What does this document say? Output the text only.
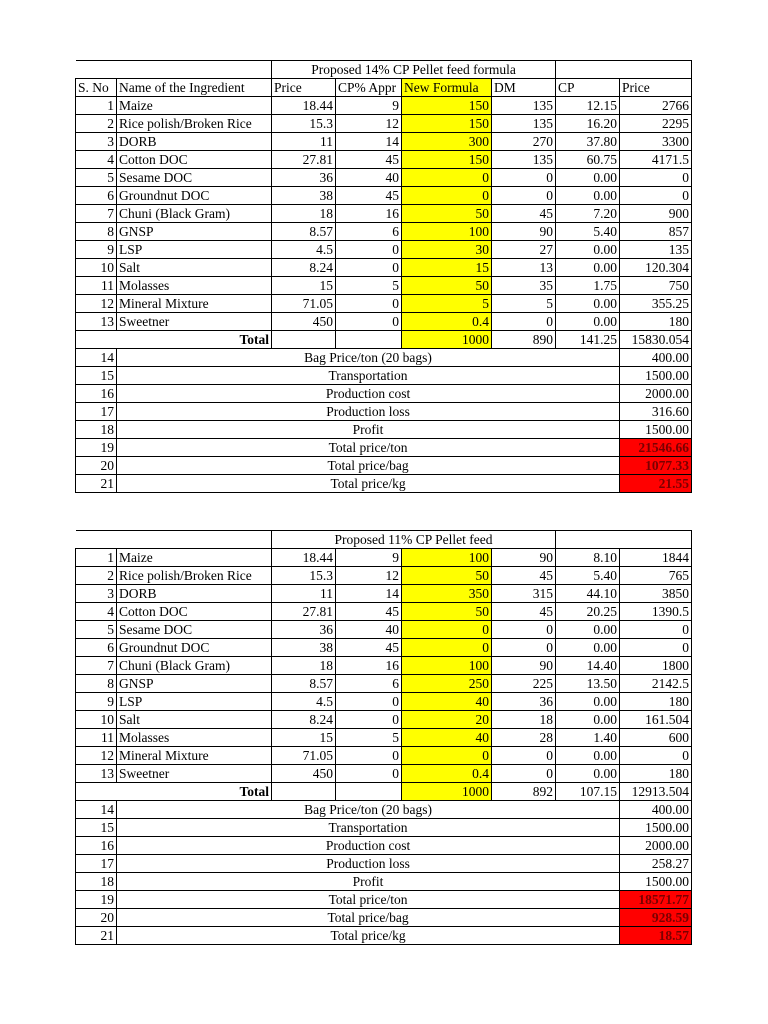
		Proposed 14% CP Pellet feed formula					
S. No	Name of the Ingredient	Price	CP% Appr	New Formula	DM	CP	Price
1	Maize	18.44	9	150	135	12.15	2766
2	Rice polish/Broken Rice	15.3	12	150	135	16.20	2295
3	DORB	11	14	300	270	37.80	3300
4	Cotton DOC	27.81	45	150	135	60.75	4171.5
5	Sesame DOC	36	40	0	0	0.00	0
6	Groundnut DOC	38	45	0	0	0.00	0
7	Chuni (Black Gram)	18	16	50	45	7.20	900
8	GNSP	8.57	6	100	90	5.40	857
9	LSP	4.5	0	30	27	0.00	135
10	Salt	8.24	0	15	13	0.00	120.304
11	Molasses	15	5	50	35	1.75	750
12	Mineral Mixture	71.05	0	5	5	0.00	355.25
13	Sweetner	450	0	0.4	0	0.00	180
Total				1000	890	141.25	15830.054
14	Bag Price/ton (20 bags)						400.00
15	Transportation						1500.00
16	Production cost						2000.00
17	Production loss						316.60
18	Profit						1500.00
19	Total price/ton						21546.66
20	Total price/bag						1077.33
21	Total price/kg						21.55
		Proposed 11% CP Pellet feed					
1	Maize	18.44	9	100	90	8.10	1844
2	Rice polish/Broken Rice	15.3	12	50	45	5.40	765
3	DORB	11	14	350	315	44.10	3850
4	Cotton DOC	27.81	45	50	45	20.25	1390.5
5	Sesame DOC	36	40	0	0	0.00	0
6	Groundnut DOC	38	45	0	0	0.00	0
7	Chuni (Black Gram)	18	16	100	90	14.40	1800
8	GNSP	8.57	6	250	225	13.50	2142.5
9	LSP	4.5	0	40	36	0.00	180
10	Salt	8.24	0	20	18	0.00	161.504
11	Molasses	15	5	40	28	1.40	600
12	Mineral Mixture	71.05	0	0	0	0.00	0
13	Sweetner	450	0	0.4	0	0.00	180
Total				1000	892	107.15	12913.504
14	Bag Price/ton (20 bags)						400.00
15	Transportation						1500.00
16	Production cost						2000.00
17	Production loss						258.27
18	Profit						1500.00
19	Total price/ton						18571.77
20	Total price/bag						928.59
21	Total price/kg						18.57
